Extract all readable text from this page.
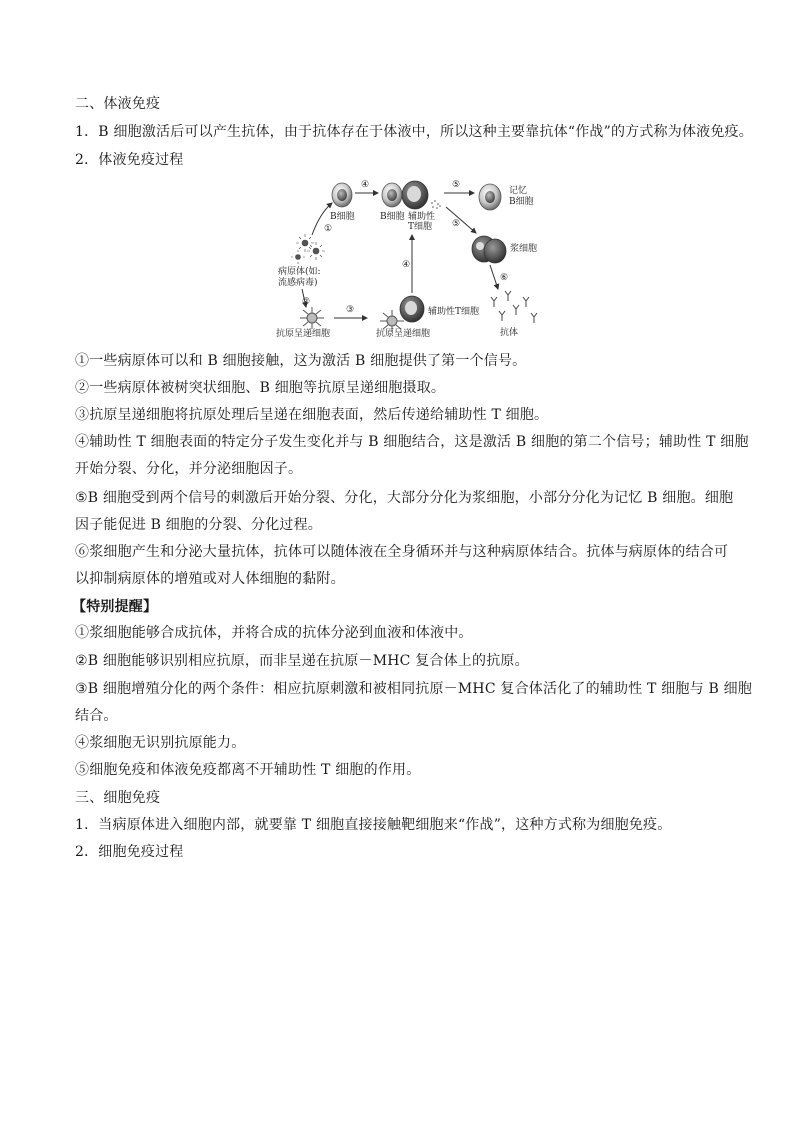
二、体液免疫
1．B 细胞激活后可以产生抗体，由于抗体存在于体液中，所以这种主要靠抗体“作战”的方式称为体液免疫。
2．体液免疫过程
B细胞
④
B细胞 辅助性
T细胞
⑤
记忆
B细胞
⑤
浆细胞
⑥
抗体
①
病原体(如:
流感病毒)
②
抗原呈递细胞
③
抗原呈递细胞
辅助性T细胞
④
①一些病原体可以和 B 细胞接触，这为激活 B 细胞提供了第一个信号。
②一些病原体被树突状细胞、B 细胞等抗原呈递细胞摄取。
③抗原呈递细胞将抗原处理后呈递在细胞表面，然后传递给辅助性 T 细胞。
④辅助性 T 细胞表面的特定分子发生变化并与 B 细胞结合，这是激活 B 细胞的第二个信号；辅助性 T 细胞
开始分裂、分化，并分泌细胞因子。
⑤B 细胞受到两个信号的刺激后开始分裂、分化，大部分分化为浆细胞，小部分分化为记忆 B 细胞。细胞
因子能促进 B 细胞的分裂、分化过程。
⑥浆细胞产生和分泌大量抗体，抗体可以随体液在全身循环并与这种病原体结合。抗体与病原体的结合可
以抑制病原体的增殖或对人体细胞的黏附。
【特别提醒】
①浆细胞能够合成抗体，并将合成的抗体分泌到血液和体液中。
②B 细胞能够识别相应抗原，而非呈递在抗原－MHC 复合体上的抗原。
③B 细胞增殖分化的两个条件：相应抗原刺激和被相同抗原－MHC 复合体活化了的辅助性 T 细胞与 B 细胞
结合。
④浆细胞无识别抗原能力。
⑤细胞免疫和体液免疫都离不开辅助性 T 细胞的作用。
三、细胞免疫
1．当病原体进入细胞内部，就要靠 T 细胞直接接触靶细胞来“作战”，这种方式称为细胞免疫。
2．细胞免疫过程
